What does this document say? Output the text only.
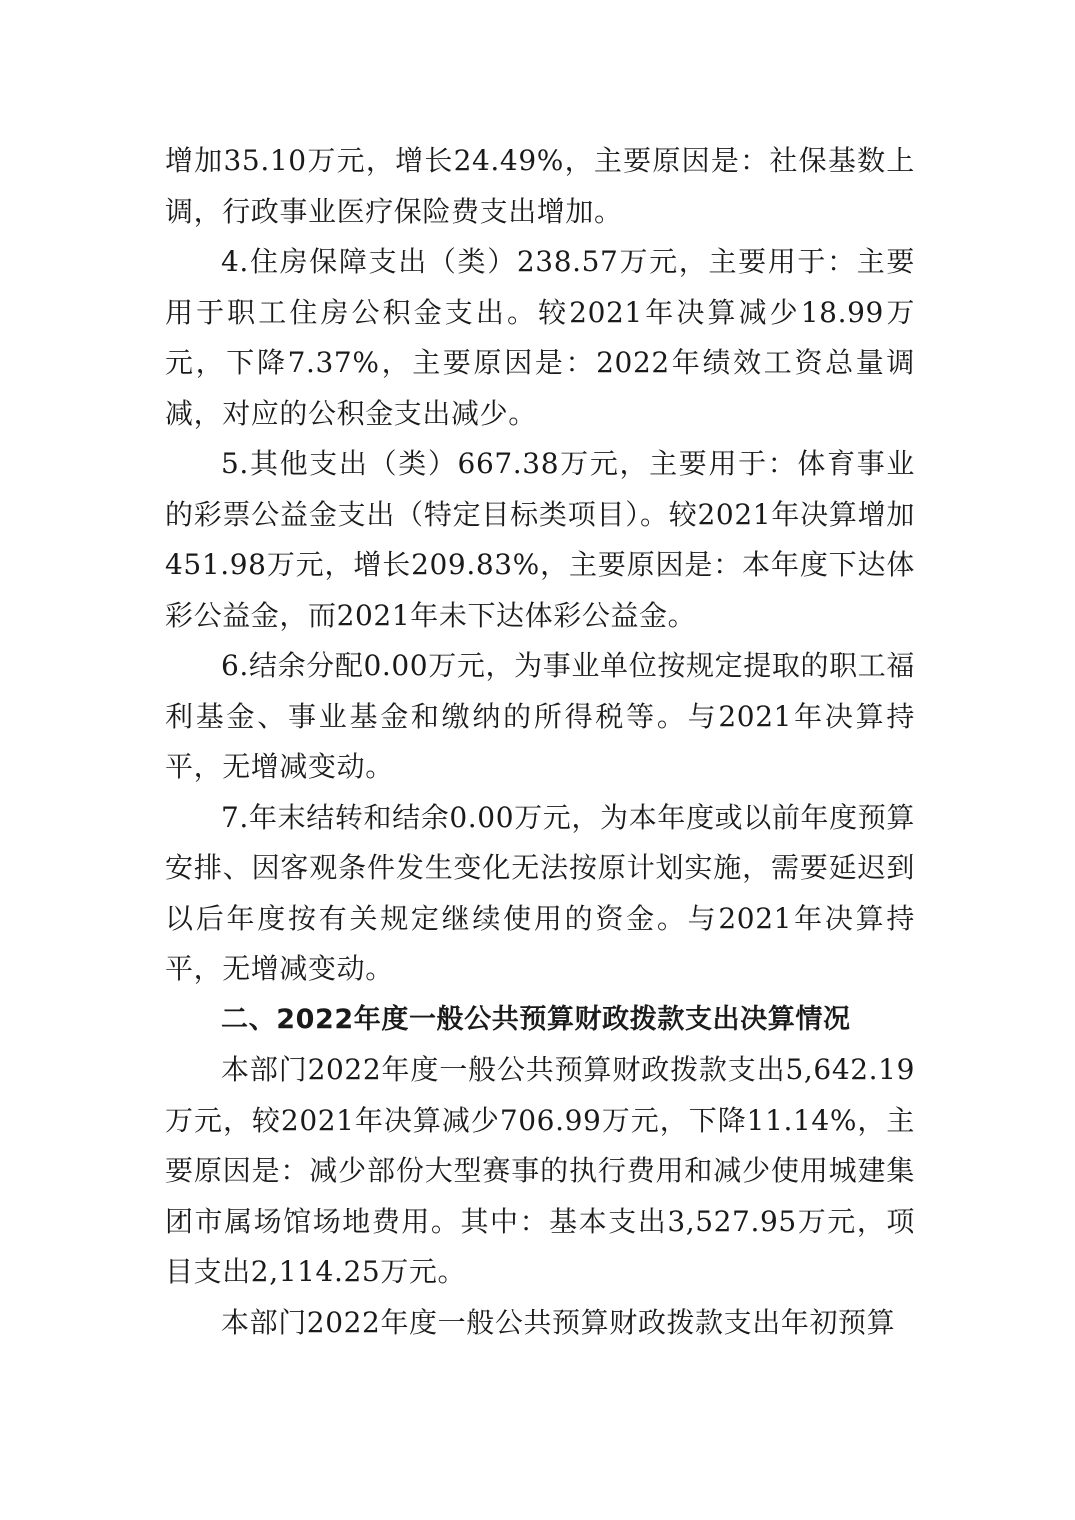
增加35.10万元，增长24.49%，主要原因是：社保基数上调，行政事业医疗保险费支出增加。

4.住房保障支出（类）238.57万元，主要用于：主要用于职工住房公积金支出。较2021年决算减少18.99万元，下降7.37%，主要原因是：2022年绩效工资总量调减，对应的公积金支出减少。

5.其他支出（类）667.38万元，主要用于：体育事业的彩票公益金支出（特定目标类项目）。较2021年决算增加451.98万元，增长209.83%，主要原因是：本年度下达体彩公益金，而2021年未下达体彩公益金。

6.结余分配0.00万元，为事业单位按规定提取的职工福利基金、事业基金和缴纳的所得税等。与2021年决算持平，无增减变动。

7.年末结转和结余0.00万元，为本年度或以前年度预算安排、因客观条件发生变化无法按原计划实施，需要延迟到以后年度按有关规定继续使用的资金。与2021年决算持平，无增减变动。

二、2022年度一般公共预算财政拨款支出决算情况

本部门2022年度一般公共预算财政拨款支出5,642.19万元，较2021年决算减少706.99万元，下降11.14%，主要原因是：减少部份大型赛事的执行费用和减少使用城建集团市属场馆场地费用。其中：基本支出3,527.95万元，项目支出2,114.25万元。

本部门2022年度一般公共预算财政拨款支出年初预算
